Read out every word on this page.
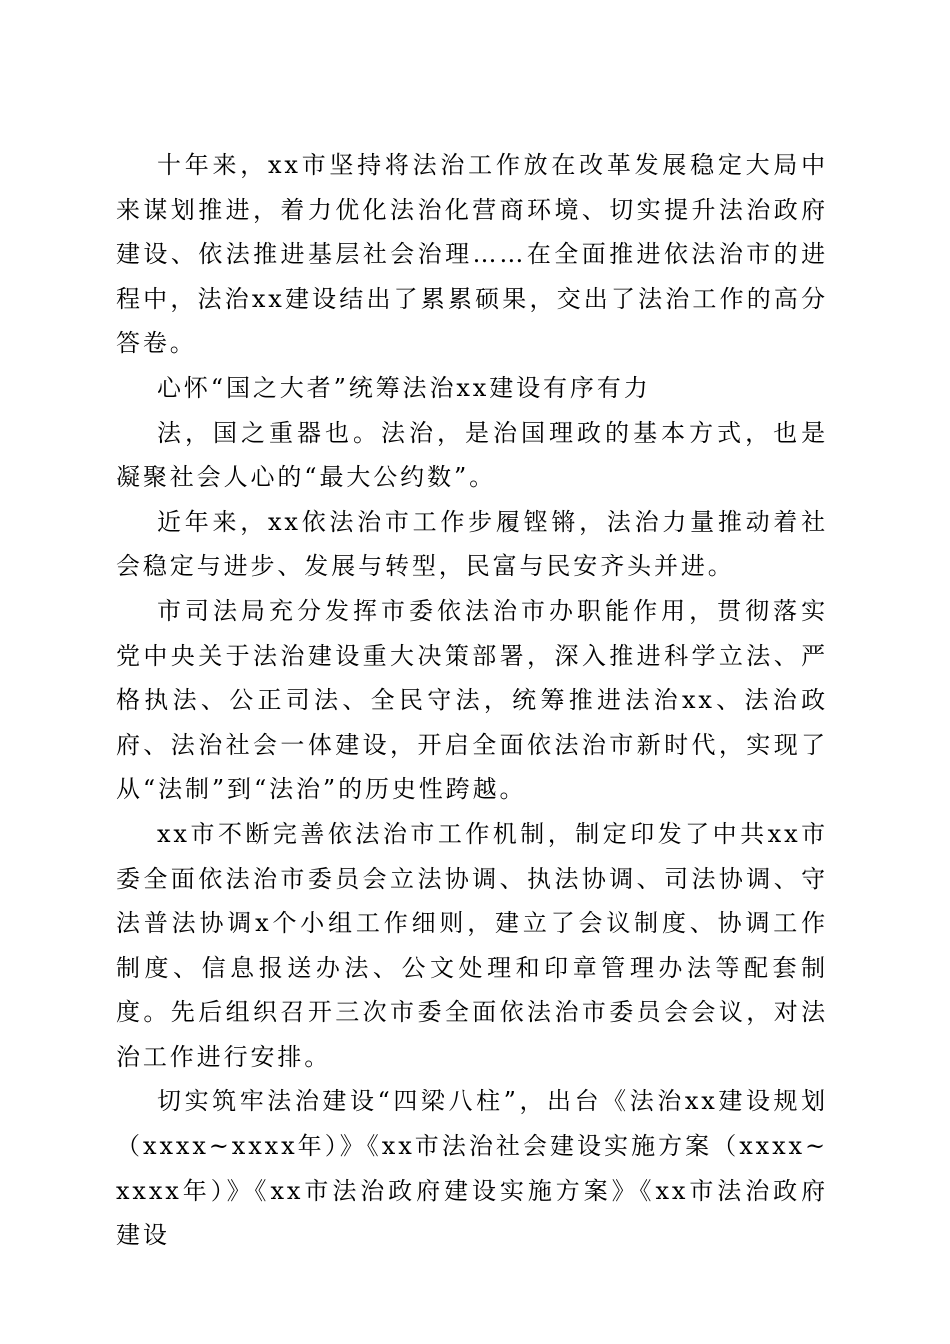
十年来，xx市坚持将法治工作放在改革发展稳定大局中来谋划推进，着力优化法治化营商环境、切实提升法治政府建设、依法推进基层社会治理……在全面推进依法治市的进程中，法治xx建设结出了累累硕果，交出了法治工作的高分答卷。

心怀“国之大者”统筹法治xx建设有序有力

法，国之重器也。法治，是治国理政的基本方式，也是凝聚社会人心的“最大公约数”。

近年来，xx依法治市工作步履铿锵，法治力量推动着社会稳定与进步、发展与转型，民富与民安齐头并进。

市司法局充分发挥市委依法治市办职能作用，贯彻落实党中央关于法治建设重大决策部署，深入推进科学立法、严格执法、公正司法、全民守法，统筹推进法治xx、法治政府、法治社会一体建设，开启全面依法治市新时代，实现了从“法制”到“法治”的历史性跨越。

xx市不断完善依法治市工作机制，制定印发了中共xx市委全面依法治市委员会立法协调、执法协调、司法协调、守法普法协调x个小组工作细则，建立了会议制度、协调工作制度、信息报送办法、公文处理和印章管理办法等配套制度。先后组织召开三次市委全面依法治市委员会会议，对法治工作进行安排。

切实筑牢法治建设“四梁八柱”，出台《法治xx建设规划（xxxx~xxxx年）》《xx市法治社会建设实施方案（xxxx~xxxx年）》《xx市法治政府建设实施方案》《xx市法治政府建设
